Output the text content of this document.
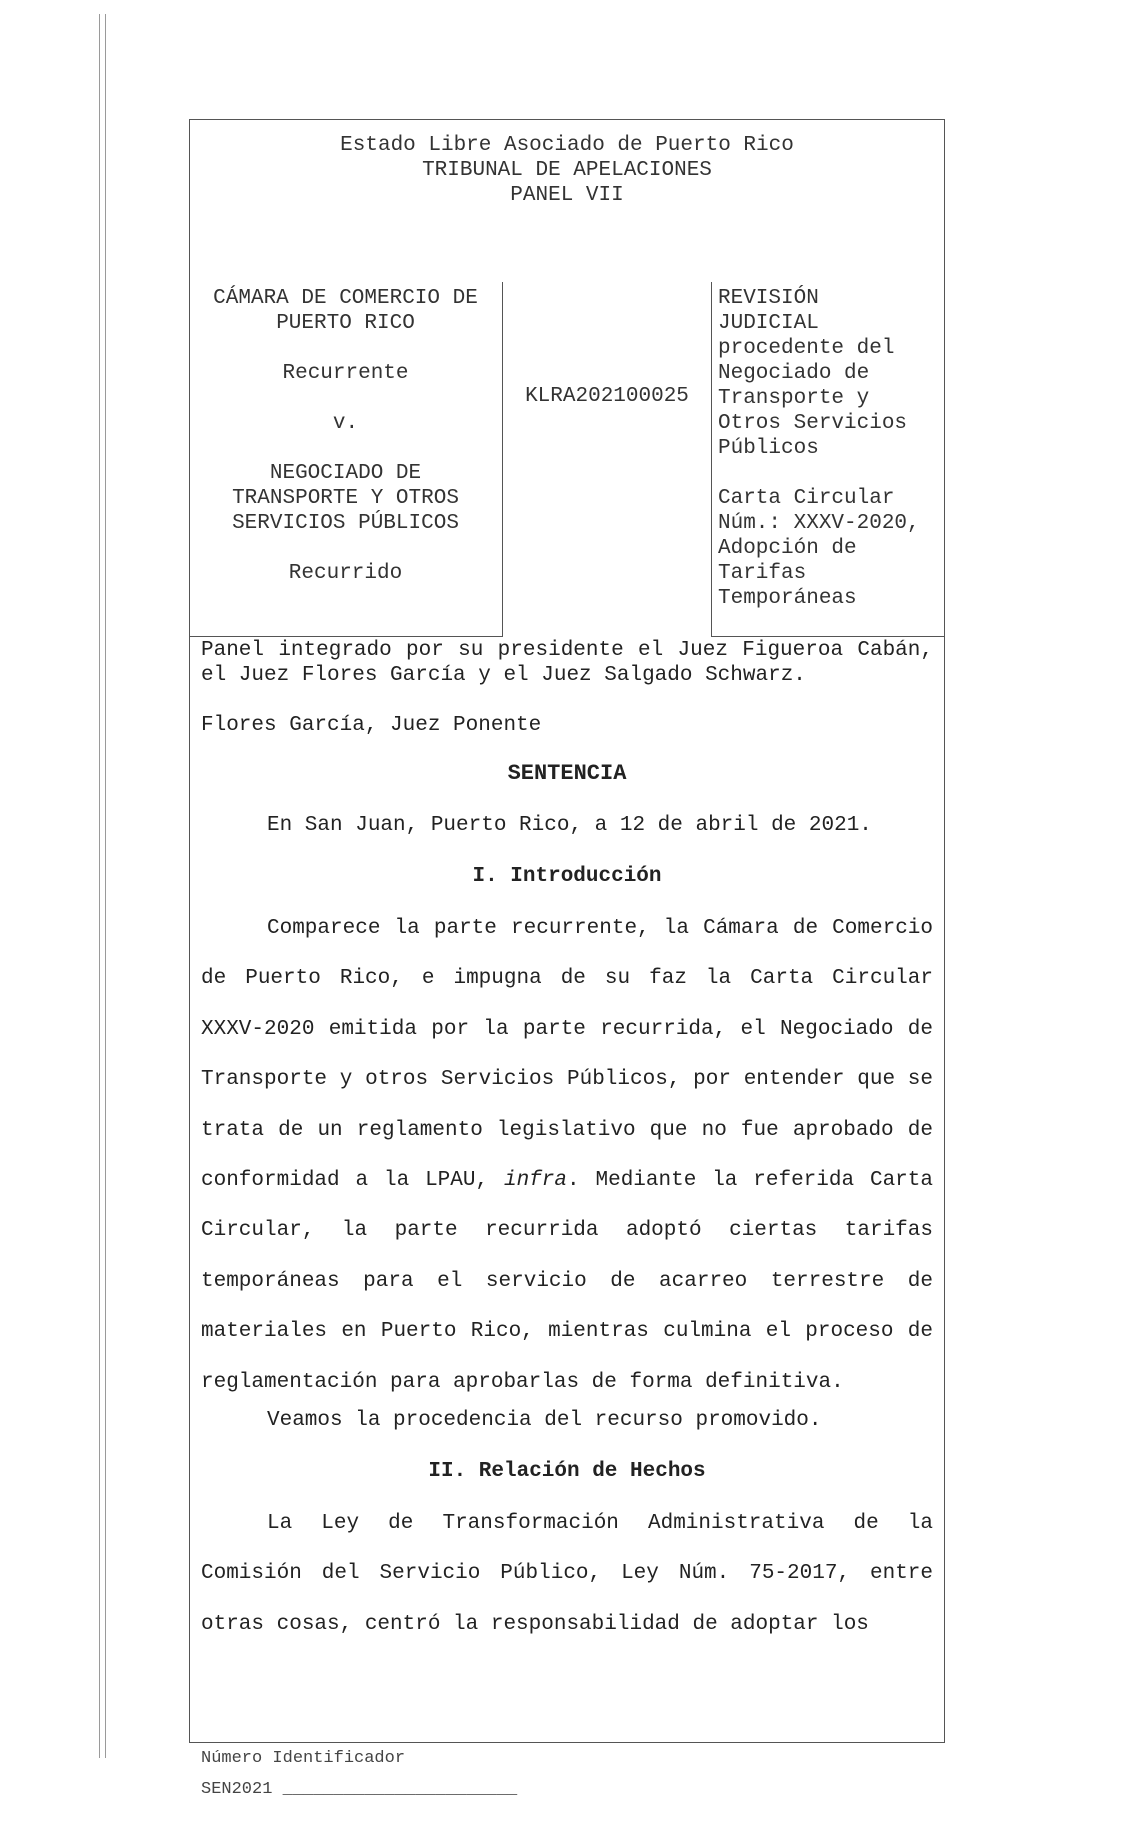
Estado Libre Asociado de Puerto Rico
TRIBUNAL DE APELACIONES
PANEL VII
CÁMARA DE COMERCIO DE
PUERTO RICO
Recurrente
v.
NEGOCIADO DE
TRANSPORTE Y OTROS
SERVICIOS PÚBLICOS
Recurrido
KLRA202100025
REVISIÓN
JUDICIAL
procedente del
Negociado de
Transporte y
Otros Servicios
Públicos
Carta Circular
Núm.: XXXV-2020,
Adopción de
Tarifas
Temporáneas

Panel integrado por su presidente el Juez Figueroa Cabán, el Juez Flores García y el Juez Salgado Schwarz.

Flores García, Juez Ponente

SENTENCIA

En San Juan, Puerto Rico, a 12 de abril de 2021.

I. Introducción

Comparece la parte recurrente, la Cámara de Comercio de Puerto Rico, e impugna de su faz la Carta Circular XXXV-2020 emitida por la parte recurrida, el Negociado de Transporte y otros Servicios Públicos, por entender que se trata de un reglamento legislativo que no fue aprobado de conformidad a la LPAU, infra. Mediante la referida Carta Circular, la parte recurrida adoptó ciertas tarifas temporáneas para el servicio de acarreo terrestre de materiales en Puerto Rico, mientras culmina el proceso de reglamentación para aprobarlas de forma definitiva.

Veamos la procedencia del recurso promovido.

II. Relación de Hechos

La Ley de Transformación Administrativa de la Comisión del Servicio Público, Ley Núm. 75-2017, entre otras cosas, centró la responsabilidad de adoptar los

Número Identificador
SEN2021 _______________________
